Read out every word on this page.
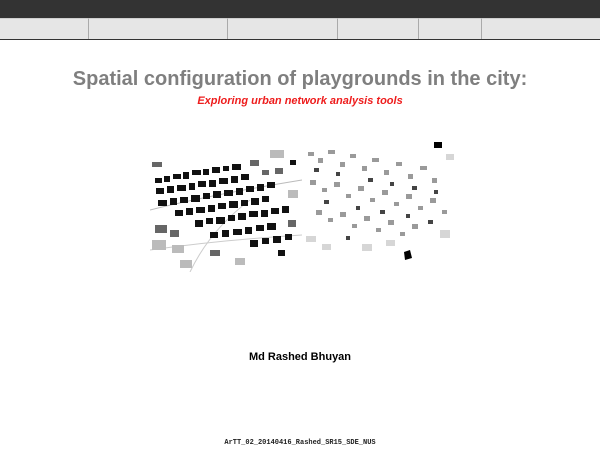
Spatial configuration of playgrounds in the city:
Exploring urban network analysis tools
Md Rashed Bhuyan
ArTT_02_20140416_Rashed_SR15_SDE_NUS
